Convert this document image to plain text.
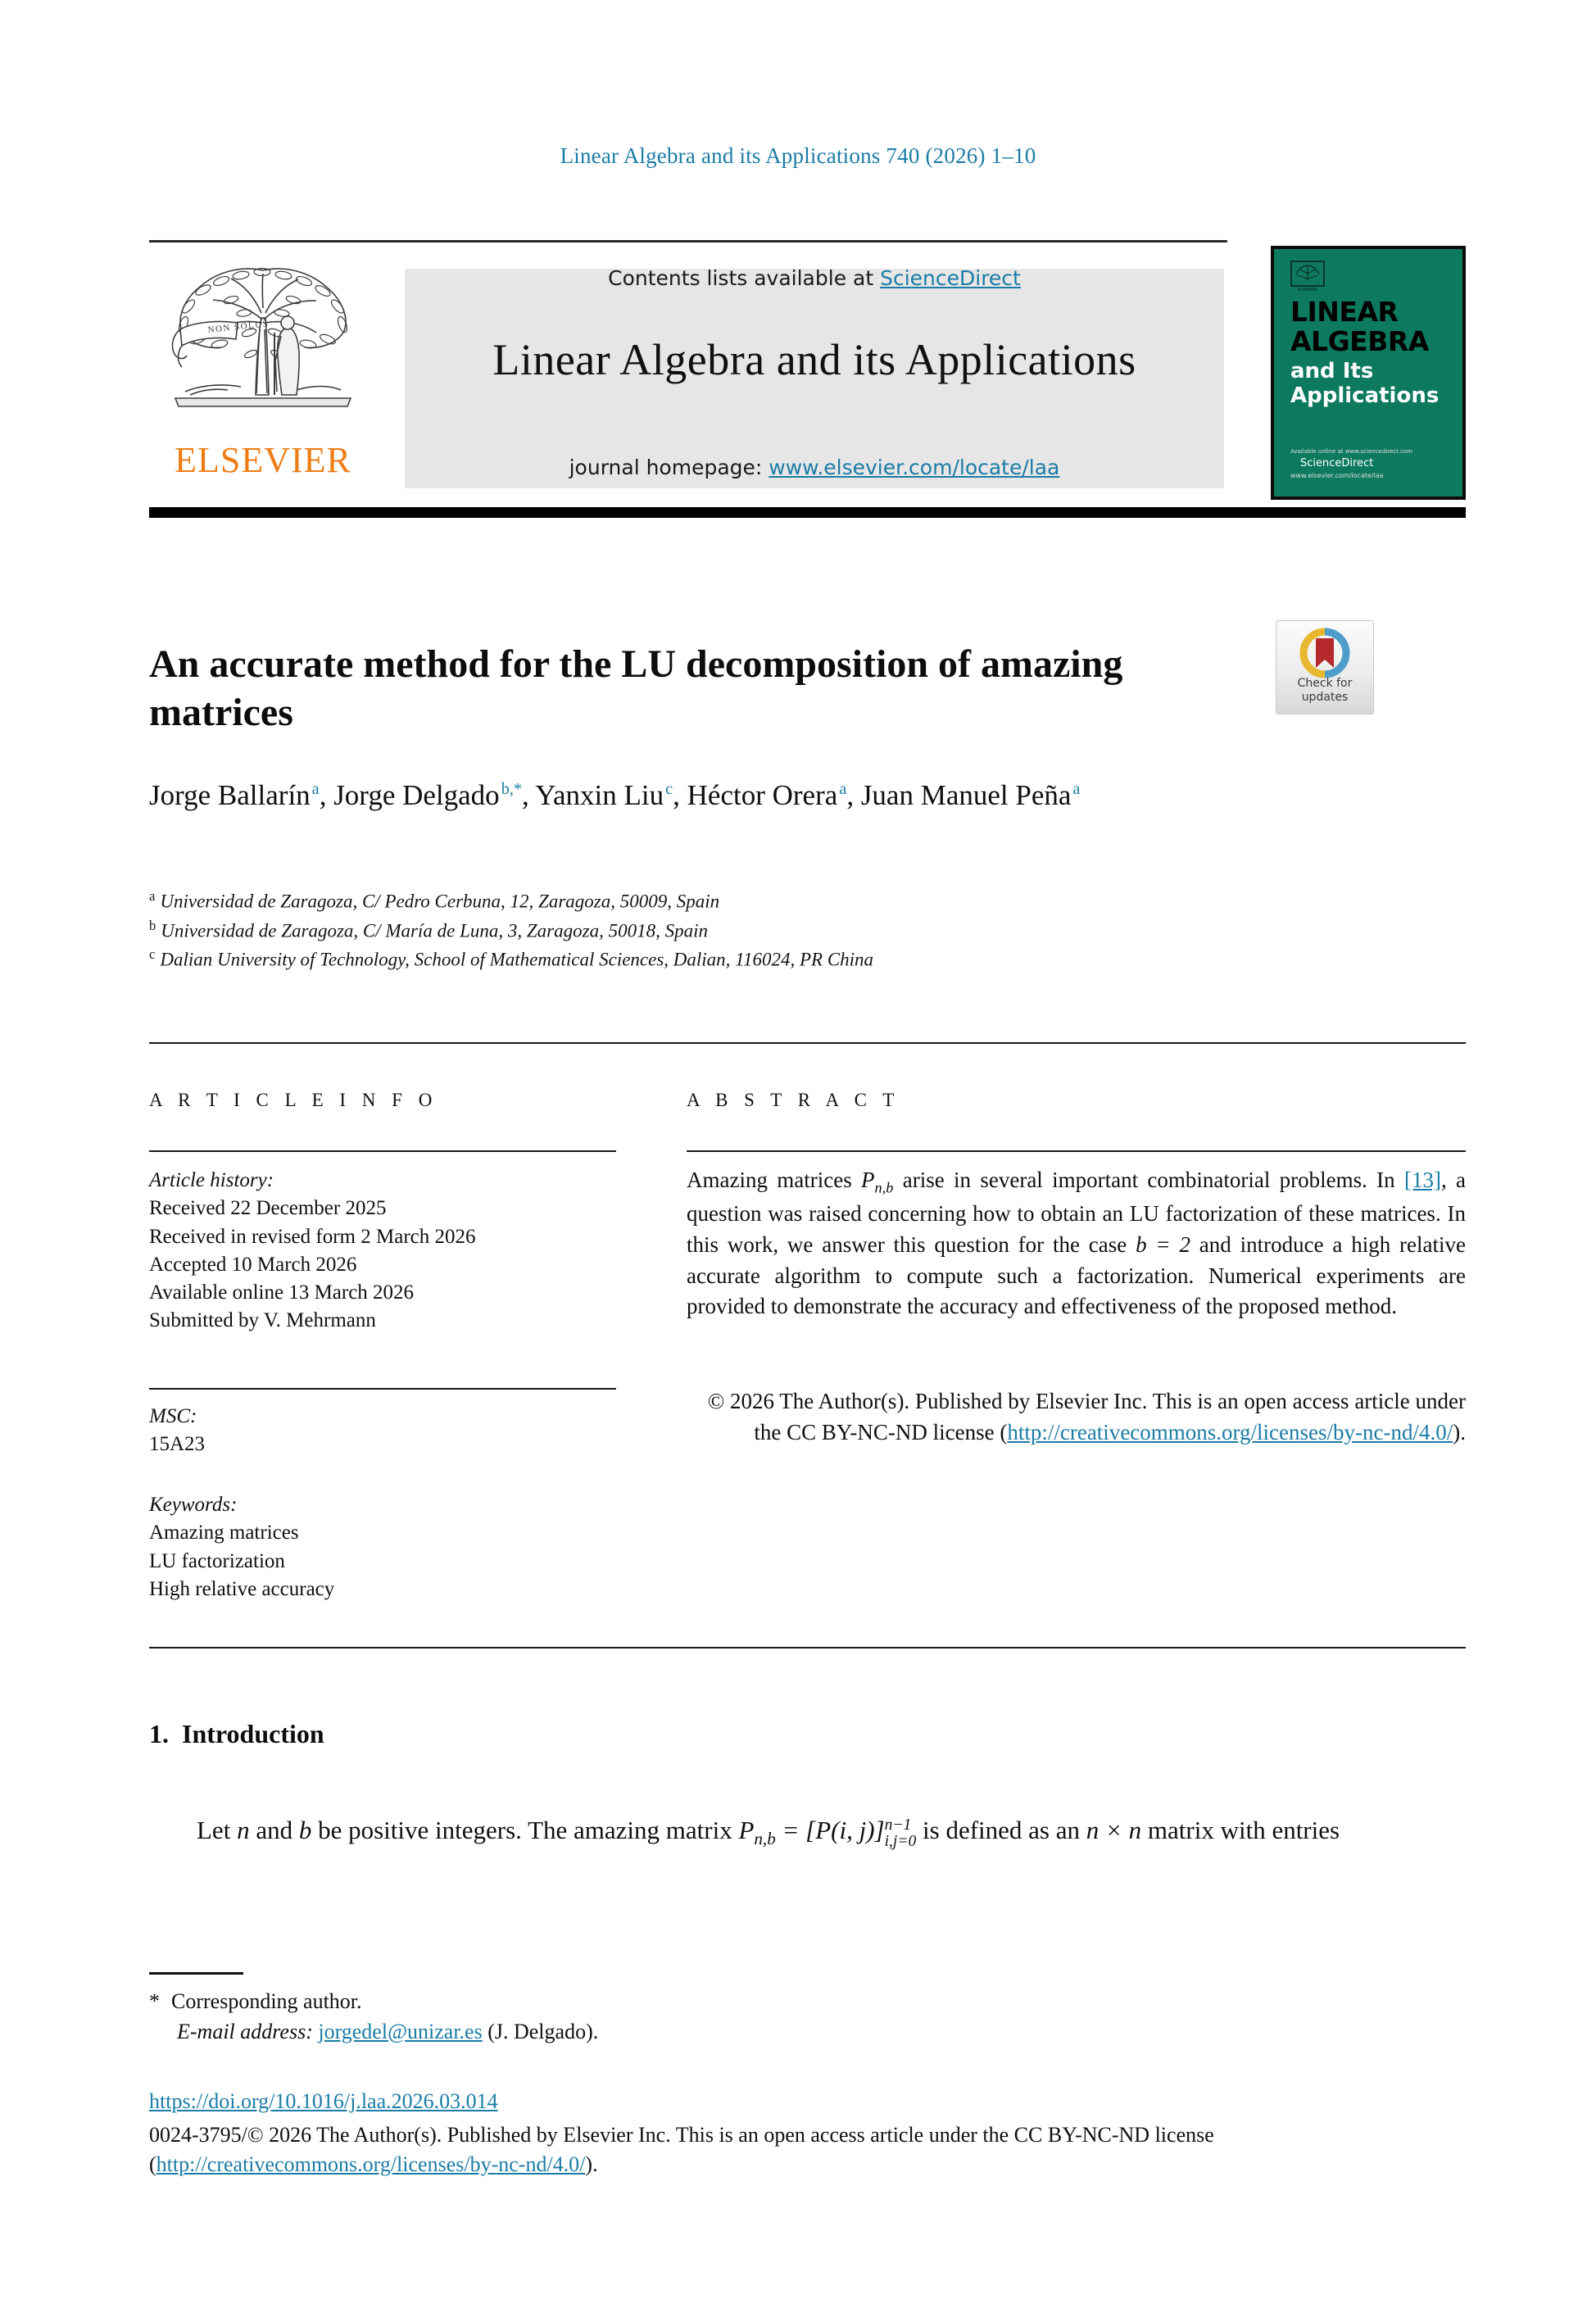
Linear Algebra and its Applications 740 (2026) 1–10
Contents lists available at ScienceDirect
Linear Algebra and its Applications
journal homepage: www.elsevier.com/locate/laa
NON SOLUS
ELSEVIER
ELSEVIER
LINEAR
ALGEBRA
and Its
Applications
Available online at www.sciencedirect.com
ScienceDirect
www.elsevier.com/locate/laa
An accurate method for the LU decomposition of amazing matrices
Check for
updates
Jorge Ballarín$^a$, Jorge Delgado$^{b,*}$, Yanxin Liu$^c$, Héctor Orera$^a$, Juan Manuel Peña$^a$
$^a$ Universidad de Zaragoza, C/ Pedro Cerbuna, 12, Zaragoza, 50009, Spain
$^b$ Universidad de Zaragoza, C/ María de Luna, 3, Zaragoza, 50018, Spain
$^c$ Dalian University of Technology, School of Mathematical Sciences, Dalian, 116024, PR China
A R T I C L E I N F O
Article history:
Received 22 December 2025
Received in revised form 2 March 2026
Accepted 10 March 2026
Available online 13 March 2026
Submitted by V. Mehrmann
MSC:
15A23
Keywords:
Amazing matrices
LU factorization
High relative accuracy
A B S T R A C T
Amazing matrices $P_{n,b}$ arise in several important combinatorial problems. In [13], a question was raised concerning how to obtain an LU factorization of these matrices. In this work, we answer this question for the case b = 2 and introduce a high relative accurate algorithm to compute such a factorization. Numerical experiments are provided to demonstrate the accuracy and effectiveness of the proposed method.
© 2026 The Author(s). Published by Elsevier Inc. This is an open access article under the CC BY-NC-ND license (http://creativecommons.org/licenses/by-nc-nd/4.0/).
1. Introduction
Let n and b be positive integers. The amazing matrix $P_{n,b} = [P(i$, j)] n−1
i,j=0 is defined as an n × n matrix with entries
* Corresponding author.
E-mail address: jorgedel@unizar.es (J. Delgado).
https://doi.org/10.1016/j.laa.2026.03.014
0024-3795/© 2026 The Author(s). Published by Elsevier Inc. This is an open access article under the CC BY-NC-ND license (http://creativecommons.org/licenses/by-nc-nd/4.0/).
